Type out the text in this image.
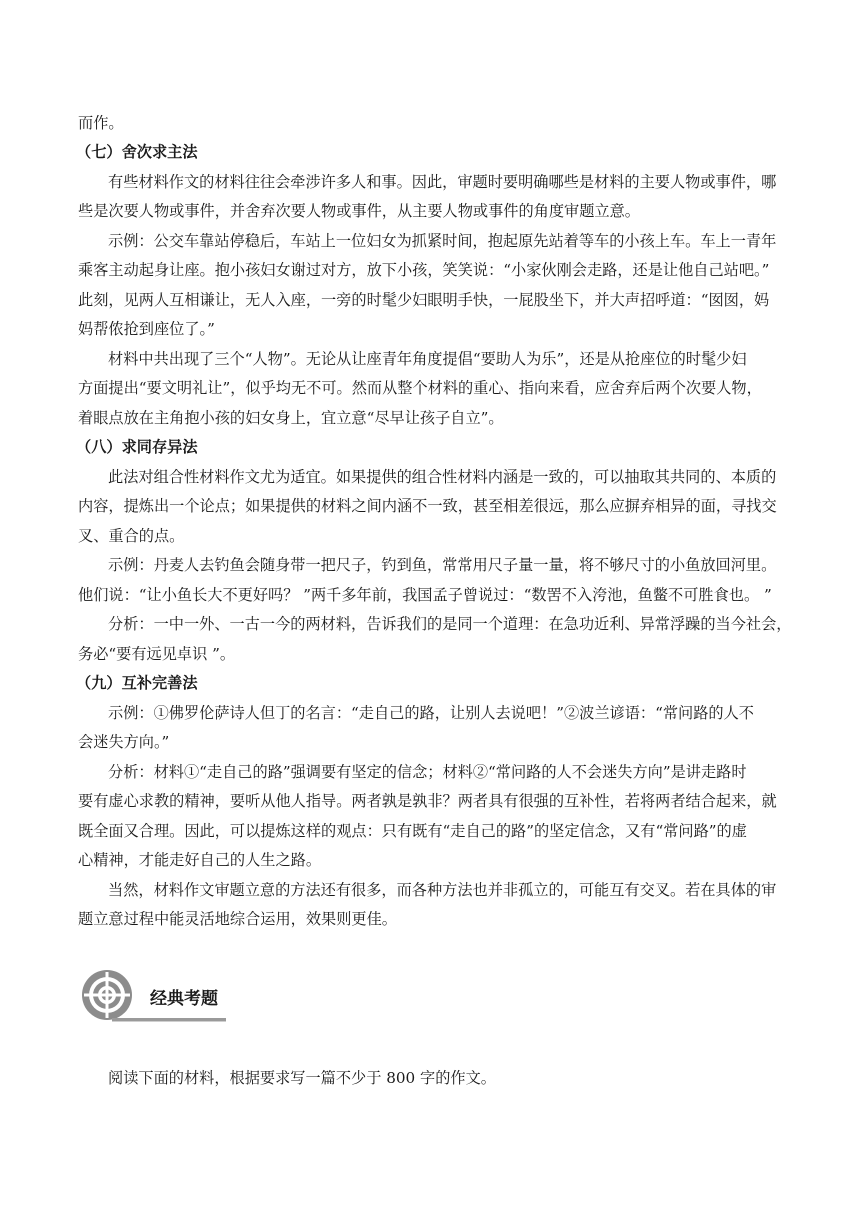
而作。
（七）舍次求主法
有些材料作文的材料往往会牵涉许多人和事。因此，审题时要明确哪些是材料的主要人物或事件，哪
些是次要人物或事件，并舍弃次要人物或事件，从主要人物或事件的角度审题立意。
示例：公交车靠站停稳后，车站上一位妇女为抓紧时间，抱起原先站着等车的小孩上车。车上一青年
乘客主动起身让座。抱小孩妇女谢过对方，放下小孩，笑笑说：“小家伙刚会走路，还是让他自己站吧。”
此刻，见两人互相谦让，无人入座，一旁的时髦少妇眼明手快，一屁股坐下，并大声招呼道：“囡囡，妈
妈帮侬抢到座位了。”
材料中共出现了三个“人物”。无论从让座青年角度提倡“要助人为乐”，还是从抢座位的时髦少妇
方面提出“要文明礼让”，似乎均无不可。然而从整个材料的重心、指向来看，应舍弃后两个次要人物，
着眼点放在主角抱小孩的妇女身上，宜立意“尽早让孩子自立”。
（八）求同存异法
此法对组合性材料作文尤为适宜。如果提供的组合性材料内涵是一致的，可以抽取其共同的、本质的
内容，提炼出一个论点；如果提供的材料之间内涵不一致，甚至相差很远，那么应摒弃相异的面，寻找交
叉、重合的点。
示例：丹麦人去钓鱼会随身带一把尺子，钓到鱼，常常用尺子量一量，将不够尺寸的小鱼放回河里。
他们说：“让小鱼长大不更好吗？ ”两千多年前，我国孟子曾说过：“数罟不入洿池，鱼鳖不可胜食也。 ”
分析：一中一外、一古一今的两材料，告诉我们的是同一个道理：在急功近利、异常浮躁的当今社会，
务必“要有远见卓识 ”。
（九）互补完善法
示例：①佛罗伦萨诗人但丁的名言：“走自己的路，让别人去说吧！”②波兰谚语：“常问路的人不
会迷失方向。”
分析：材料①“走自己的路”强调要有坚定的信念；材料②“常问路的人不会迷失方向”是讲走路时
要有虚心求教的精神，要听从他人指导。两者孰是孰非？两者具有很强的互补性，若将两者结合起来，就
既全面又合理。因此，可以提炼这样的观点：只有既有“走自己的路”的坚定信念，又有“常问路”的虚
心精神，才能走好自己的人生之路。
当然，材料作文审题立意的方法还有很多，而各种方法也并非孤立的，可能互有交叉。若在具体的审
题立意过程中能灵活地综合运用，效果则更佳。
经典考题
阅读下面的材料，根据要求写一篇不少于 800 字的作文。
